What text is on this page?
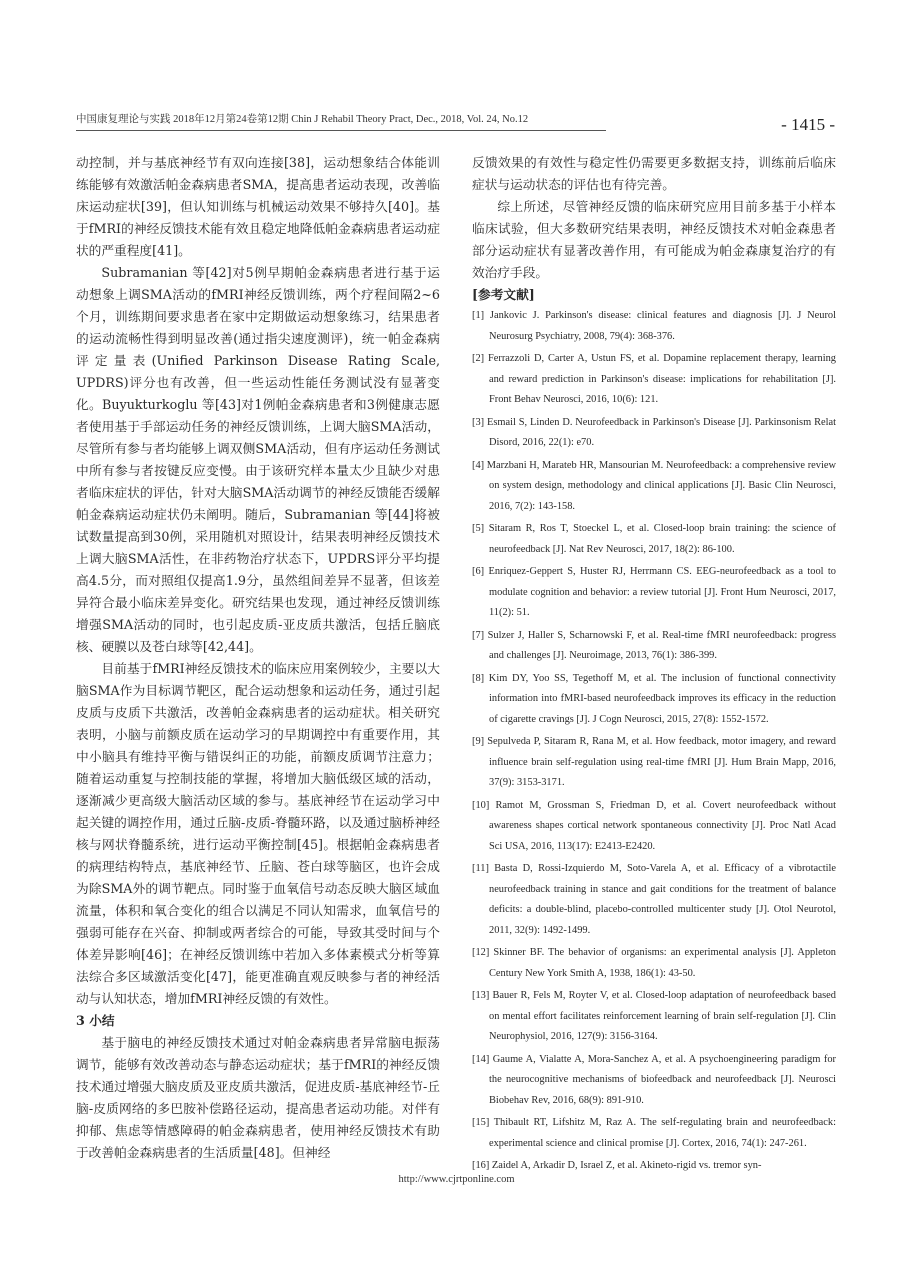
中国康复理论与实践 2018年12月第24卷第12期 Chin J Rehabil Theory Pract, Dec., 2018, Vol. 24, No.12	- 1415 -

动控制，并与基底神经节有双向连接[38]，运动想象结合体能训练能够有效激活帕金森病患者SMA，提高患者运动表现，改善临床运动症状[39]，但认知训练与机械运动效果不够持久[40]。基于fMRI的神经反馈技术能有效且稳定地降低帕金森病患者运动症状的严重程度[41]。

Subramanian 等[42]对5例早期帕金森病患者进行基于运动想象上调SMA活动的fMRI神经反馈训练，两个疗程间隔2~6个月，训练期间要求患者在家中定期做运动想象练习，结果患者的运动流畅性得到明显改善(通过指尖速度测评)，统一帕金森病评定量表(Unified Parkinson Disease Rating Scale, UPDRS)评分也有改善，但一些运动性能任务测试没有显著变化。Buyukturkoglu 等[43]对1例帕金森病患者和3例健康志愿者使用基于手部运动任务的神经反馈训练，上调大脑SMA活动，尽管所有参与者均能够上调双侧SMA活动，但有序运动任务测试中所有参与者按键反应变慢。由于该研究样本量太少且缺少对患者临床症状的评估，针对大脑SMA活动调节的神经反馈能否缓解帕金森病运动症状仍未阐明。随后，Subramanian 等[44]将被试数量提高到30例，采用随机对照设计，结果表明神经反馈技术上调大脑SMA活性，在非药物治疗状态下，UPDRS评分平均提高4.5分，而对照组仅提高1.9分，虽然组间差异不显著，但该差异符合最小临床差异变化。研究结果也发现，通过神经反馈训练增强SMA活动的同时，也引起皮质-亚皮质共激活，包括丘脑底核、硬膜以及苍白球等[42,44]。

目前基于fMRI神经反馈技术的临床应用案例较少，主要以大脑SMA作为目标调节靶区，配合运动想象和运动任务，通过引起皮质与皮质下共激活，改善帕金森病患者的运动症状。相关研究表明，小脑与前额皮质在运动学习的早期调控中有重要作用，其中小脑具有维持平衡与错误纠正的功能，前额皮质调节注意力；随着运动重复与控制技能的掌握，将增加大脑低级区域的活动，逐渐减少更高级大脑活动区域的参与。基底神经节在运动学习中起关键的调控作用，通过丘脑-皮质-脊髓环路，以及通过脑桥神经核与网状脊髓系统，进行运动平衡控制[45]。根据帕金森病患者的病理结构特点，基底神经节、丘脑、苍白球等脑区，也许会成为除SMA外的调节靶点。同时鉴于血氧信号动态反映大脑区域血流量，体积和氧合变化的组合以满足不同认知需求，血氧信号的强弱可能存在兴奋、抑制或两者综合的可能，导致其受时间与个体差异影响[46]；在神经反馈训练中若加入多体素模式分析等算法综合多区域激活变化[47]，能更准确直观反映参与者的神经活动与认知状态，增加fMRI神经反馈的有效性。

3 小结

基于脑电的神经反馈技术通过对帕金森病患者异常脑电振荡调节，能够有效改善动态与静态运动症状；基于fMRI的神经反馈技术通过增强大脑皮质及亚皮质共激活，促进皮质-基底神经节-丘脑-皮质网络的多巴胺补偿路径运动，提高患者运动功能。对伴有抑郁、焦虑等情感障碍的帕金森病患者，使用神经反馈技术有助于改善帕金森病患者的生活质量[48]。但神经

反馈效果的有效性与稳定性仍需要更多数据支持，训练前后临床症状与运动状态的评估也有待完善。

综上所述，尽管神经反馈的临床研究应用目前多基于小样本临床试验，但大多数研究结果表明，神经反馈技术对帕金森患者部分运动症状有显著改善作用，有可能成为帕金森康复治疗的有效治疗手段。

[参考文献]
[1] Jankovic J. Parkinson's disease: clinical features and diagnosis [J]. J Neurol Neurosurg Psychiatry, 2008, 79(4): 368-376.
[2] Ferrazzoli D, Carter A, Ustun FS, et al. Dopamine replacement therapy, learning and reward prediction in Parkinson's disease: implications for rehabilitation [J]. Front Behav Neurosci, 2016, 10(6): 121.
[3] Esmail S, Linden D. Neurofeedback in Parkinson's Disease [J]. Parkinsonism Relat Disord, 2016, 22(1): e70.
[4] Marzbani H, Marateb HR, Mansourian M. Neurofeedback: a comprehensive review on system design, methodology and clinical applications [J]. Basic Clin Neurosci, 2016, 7(2): 143-158.
[5] Sitaram R, Ros T, Stoeckel L, et al. Closed-loop brain training: the science of neurofeedback [J]. Nat Rev Neurosci, 2017, 18(2): 86-100.
[6] Enriquez-Geppert S, Huster RJ, Herrmann CS. EEG-neurofeedback as a tool to modulate cognition and behavior: a review tutorial [J]. Front Hum Neurosci, 2017, 11(2): 51.
[7] Sulzer J, Haller S, Scharnowski F, et al. Real-time fMRI neurofeedback: progress and challenges [J]. Neuroimage, 2013, 76(1): 386-399.
[8] Kim DY, Yoo SS, Tegethoff M, et al. The inclusion of functional connectivity information into fMRI-based neurofeedback improves its efficacy in the reduction of cigarette cravings [J]. J Cogn Neurosci, 2015, 27(8): 1552-1572.
[9] Sepulveda P, Sitaram R, Rana M, et al. How feedback, motor imagery, and reward influence brain self-regulation using real-time fMRI [J]. Hum Brain Mapp, 2016, 37(9): 3153-3171.
[10] Ramot M, Grossman S, Friedman D, et al. Covert neurofeedback without awareness shapes cortical network spontaneous connectivity [J]. Proc Natl Acad Sci USA, 2016, 113(17): E2413-E2420.
[11] Basta D, Rossi-Izquierdo M, Soto-Varela A, et al. Efficacy of a vibrotactile neurofeedback training in stance and gait conditions for the treatment of balance deficits: a double-blind, placebo-controlled multicenter study [J]. Otol Neurotol, 2011, 32(9): 1492-1499.
[12] Skinner BF. The behavior of organisms: an experimental analysis [J]. Appleton Century New York Smith A, 1938, 186(1): 43-50.
[13] Bauer R, Fels M, Royter V, et al. Closed-loop adaptation of neurofeedback based on mental effort facilitates reinforcement learning of brain self-regulation [J]. Clin Neurophysiol, 2016, 127(9): 3156-3164.
[14] Gaume A, Vialatte A, Mora-Sanchez A, et al. A psychoengineering paradigm for the neurocognitive mechanisms of biofeedback and neurofeedback [J]. Neurosci Biobehav Rev, 2016, 68(9): 891-910.
[15] Thibault RT, Lifshitz M, Raz A. The self-regulating brain and neurofeedback: experimental science and clinical promise [J]. Cortex, 2016, 74(1): 247-261.
[16] Zaidel A, Arkadir D, Israel Z, et al. Akineto-rigid vs. tremor syn-
http://www.cjrtponline.com
